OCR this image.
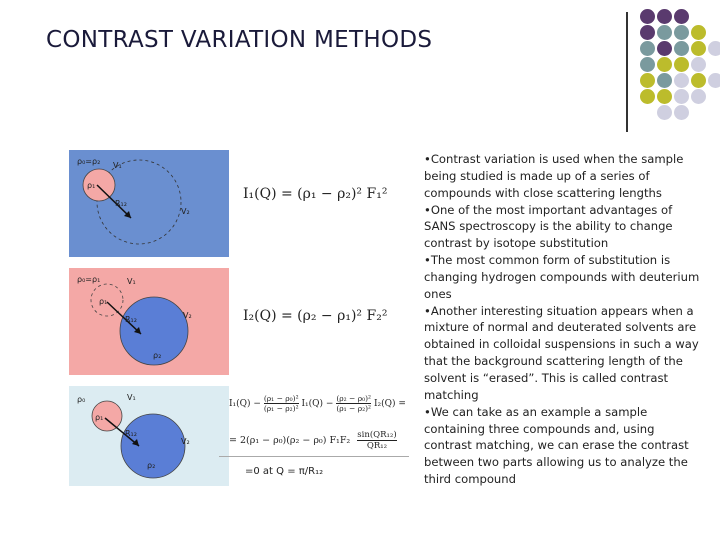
CONTRAST VARIATION METHODS
ρ₀=ρ₂ V₁
ρ₁
R₁₂
V₂
I₁(Q) = (ρ₁ − ρ₂)² F₁²
ρ₀=ρ₁	V₁
ρ₁
R₁₂	V₂
ρ₂
I₂(Q) = (ρ₂ − ρ₁)² F₂²
ρ₀	V₁
ρ₁
R₁₂
V₂
ρ₂
$I_1(Q) - \frac{\text{(ρ₁ − ρ₀)²}}{\text{(ρ₁ − ρ₂)²}} I_1(Q) - \frac{\text{(ρ₂ − ρ₀)²}}{\text{(ρ₁ − ρ₂)²}} I_2(Q)$ =
= 2(ρ₁ − ρ₀)(ρ₂ − ρ₀) $F_1F_2 \frac{\text{sin(QR₁₂)}}{\text{QR₁₂}}$
=0 at Q = π/R₁₂

•Contrast variation is used when the sample being studied is made up of a series of compounds with close scattering lengths

•One of the most important advantages of SANS spectroscopy is the ability to change contrast by isotope substitution

•The most common form of substitution is changing hydrogen compounds with deuterium ones

•Another interesting situation appears when a mixture of normal and deuterated solvents are obtained in colloidal suspensions in such a way that the background scattering length of the solvent is “erased”. This is called contrast matching

•We can take as an example a sample containing three compounds and, using contrast matching, we can erase the contrast between two parts allowing us to analyze the third compound
